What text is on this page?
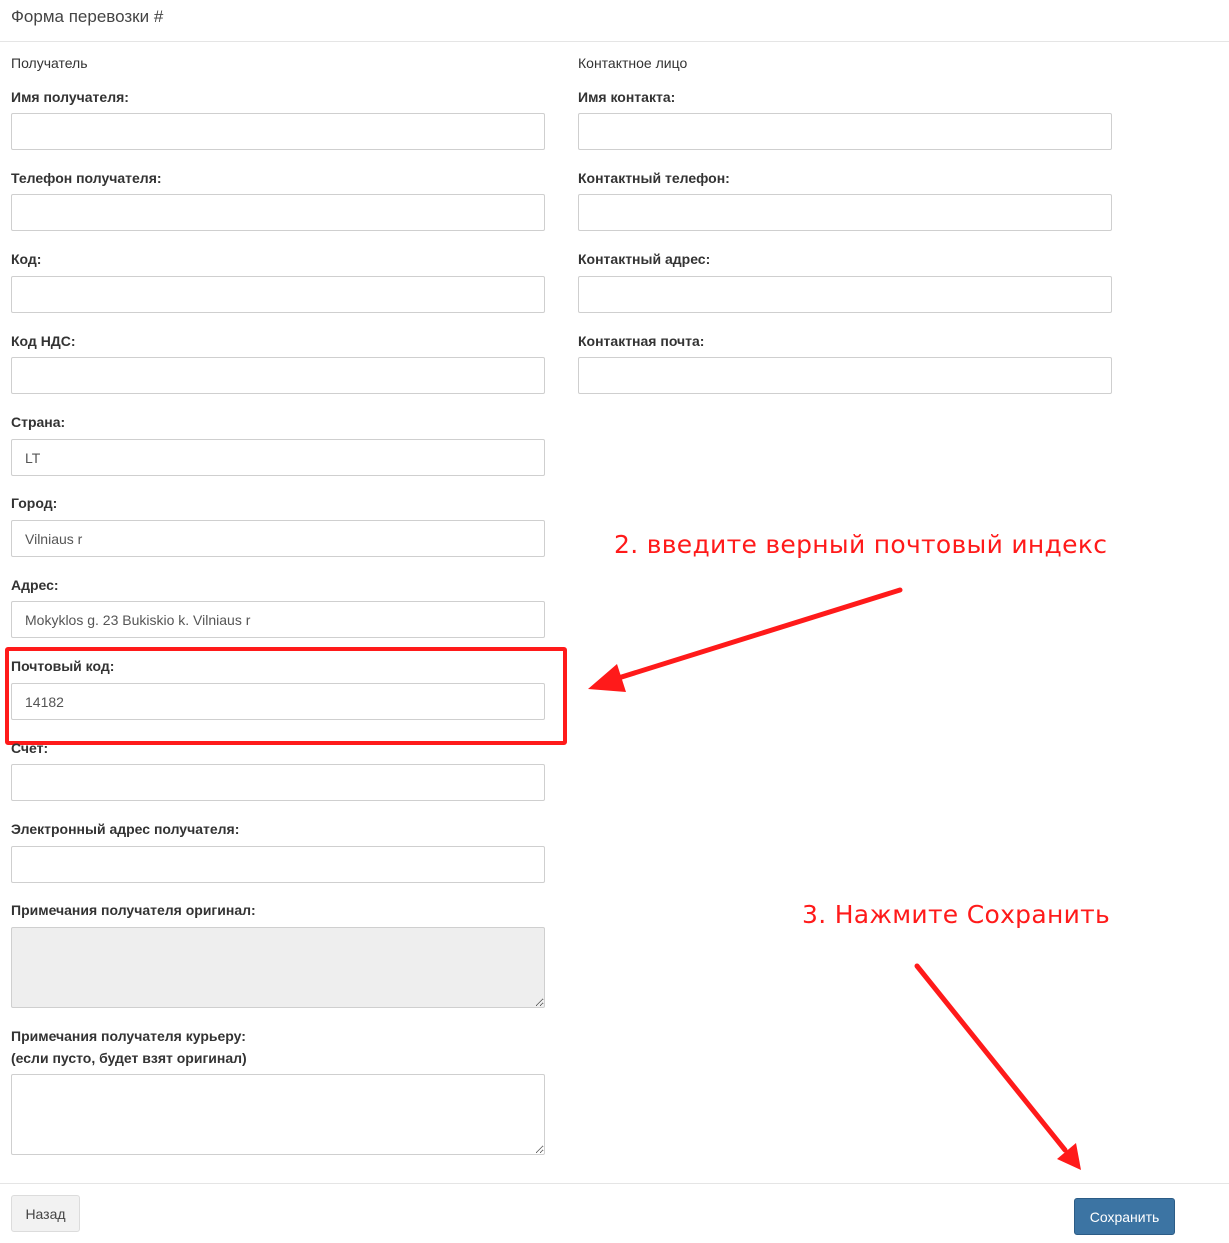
Форма перевозки #
Получатель
Имя получателя:
Телефон получателя:
Код:
Код НДС:
Страна:
LT
Город:
Vilniaus r
Адрес:
Mokyklos g. 23 Bukiskio k. Vilniaus r
Почтовый код:
14182
Счет:
Электронный адрес получателя:
Примечания получателя оригинал:
Примечания получателя курьеру:
(если пусто, будет взят оригинал)
Контактное лицо
Имя контакта:
Контактный телефон:
Контактный адрес:
Контактная почта:
2. введите верный почтовый индекс
3. Нажмите Сохранить
Назад	Сохранить
